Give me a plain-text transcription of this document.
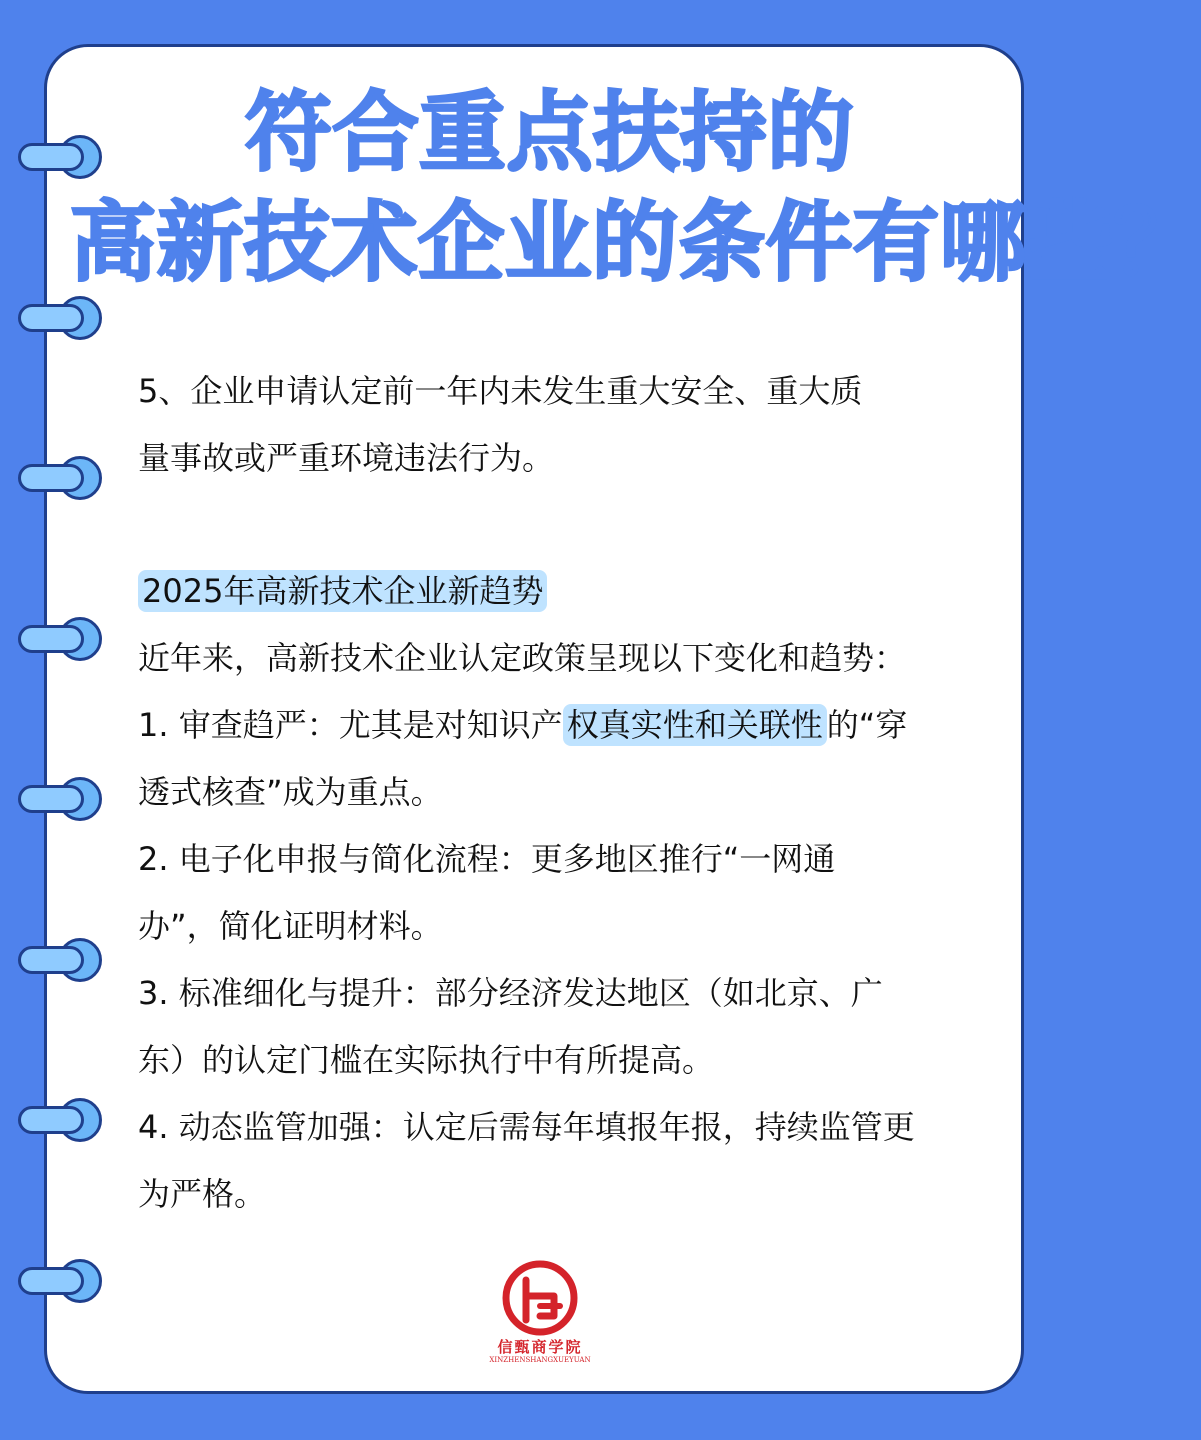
符合重点扶持的
高新技术企业的条件有哪些？
5、企业申请认定前一年内未发生重大安全、重大质
量事故或严重环境违法行为。
2025年高新技术企业新趋势
近年来，高新技术企业认定政策呈现以下变化和趋势：
1. 审查趋严：尤其是对知识产 权真实性和关联性 的“穿
透式核查”成为重点。
2. 电子化申报与简化流程：更多地区推行“一网通
办”，简化证明材料。
3. 标准细化与提升：部分经济发达地区（如北京、广
东）的认定门槛在实际执行中有所提高。
4. 动态监管加强：认定后需每年填报年报，持续监管更
为严格。
信甄商学院
XINZHENSHANGXUEYUAN
